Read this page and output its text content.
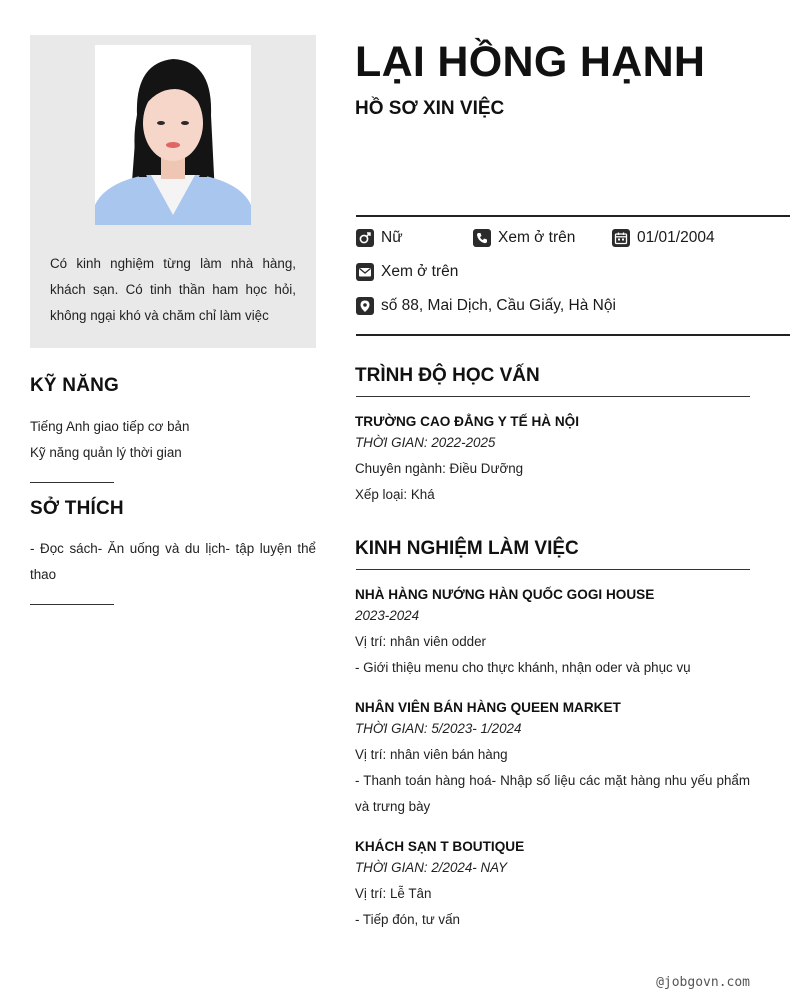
Có kinh nghiệm từng làm nhà hàng, khách sạn. Có tinh thần ham học hỏi, không ngại khó và chăm chỉ làm việc

KỸ NĂNG
Tiếng Anh giao tiếp cơ bản
Kỹ năng quản lý thời gian
SỞ THÍCH

- Đọc sách- Ăn uống và du lịch- tập luyện thể thao

LẠI HỒNG HẠNH
HỒ SƠ XIN VIỆC
Nữ	Xem ở trên	01/01/2004
Xem ở trên
số 88, Mai Dịch, Cầu Giấy, Hà Nội
TRÌNH ĐỘ HỌC VẤN
TRƯỜNG CAO ĐẲNG Y TẾ HÀ NỘI
THỜI GIAN: 2022-2025
Chuyên ngành: Điều Dưỡng
Xếp loại: Khá
KINH NGHIỆM LÀM VIỆC
NHÀ HÀNG NƯỚNG HÀN QUỐC GOGI HOUSE
2023-2024
Vị trí: nhân viên odder
- Giới thiệu menu cho thực khánh, nhận oder và phục vụ
NHÂN VIÊN BÁN HÀNG QUEEN MARKET
THỜI GIAN: 5/2023- 1/2024
Vị trí: nhân viên bán hàng
- Thanh toán hàng hoá- Nhập số liệu các mặt hàng nhu yếu phẩm và trưng bày
KHÁCH SẠN T BOUTIQUE
THỜI GIAN: 2/2024- NAY
Vị trí: Lễ Tân
- Tiếp đón, tư vấn
@jobgovn.com
